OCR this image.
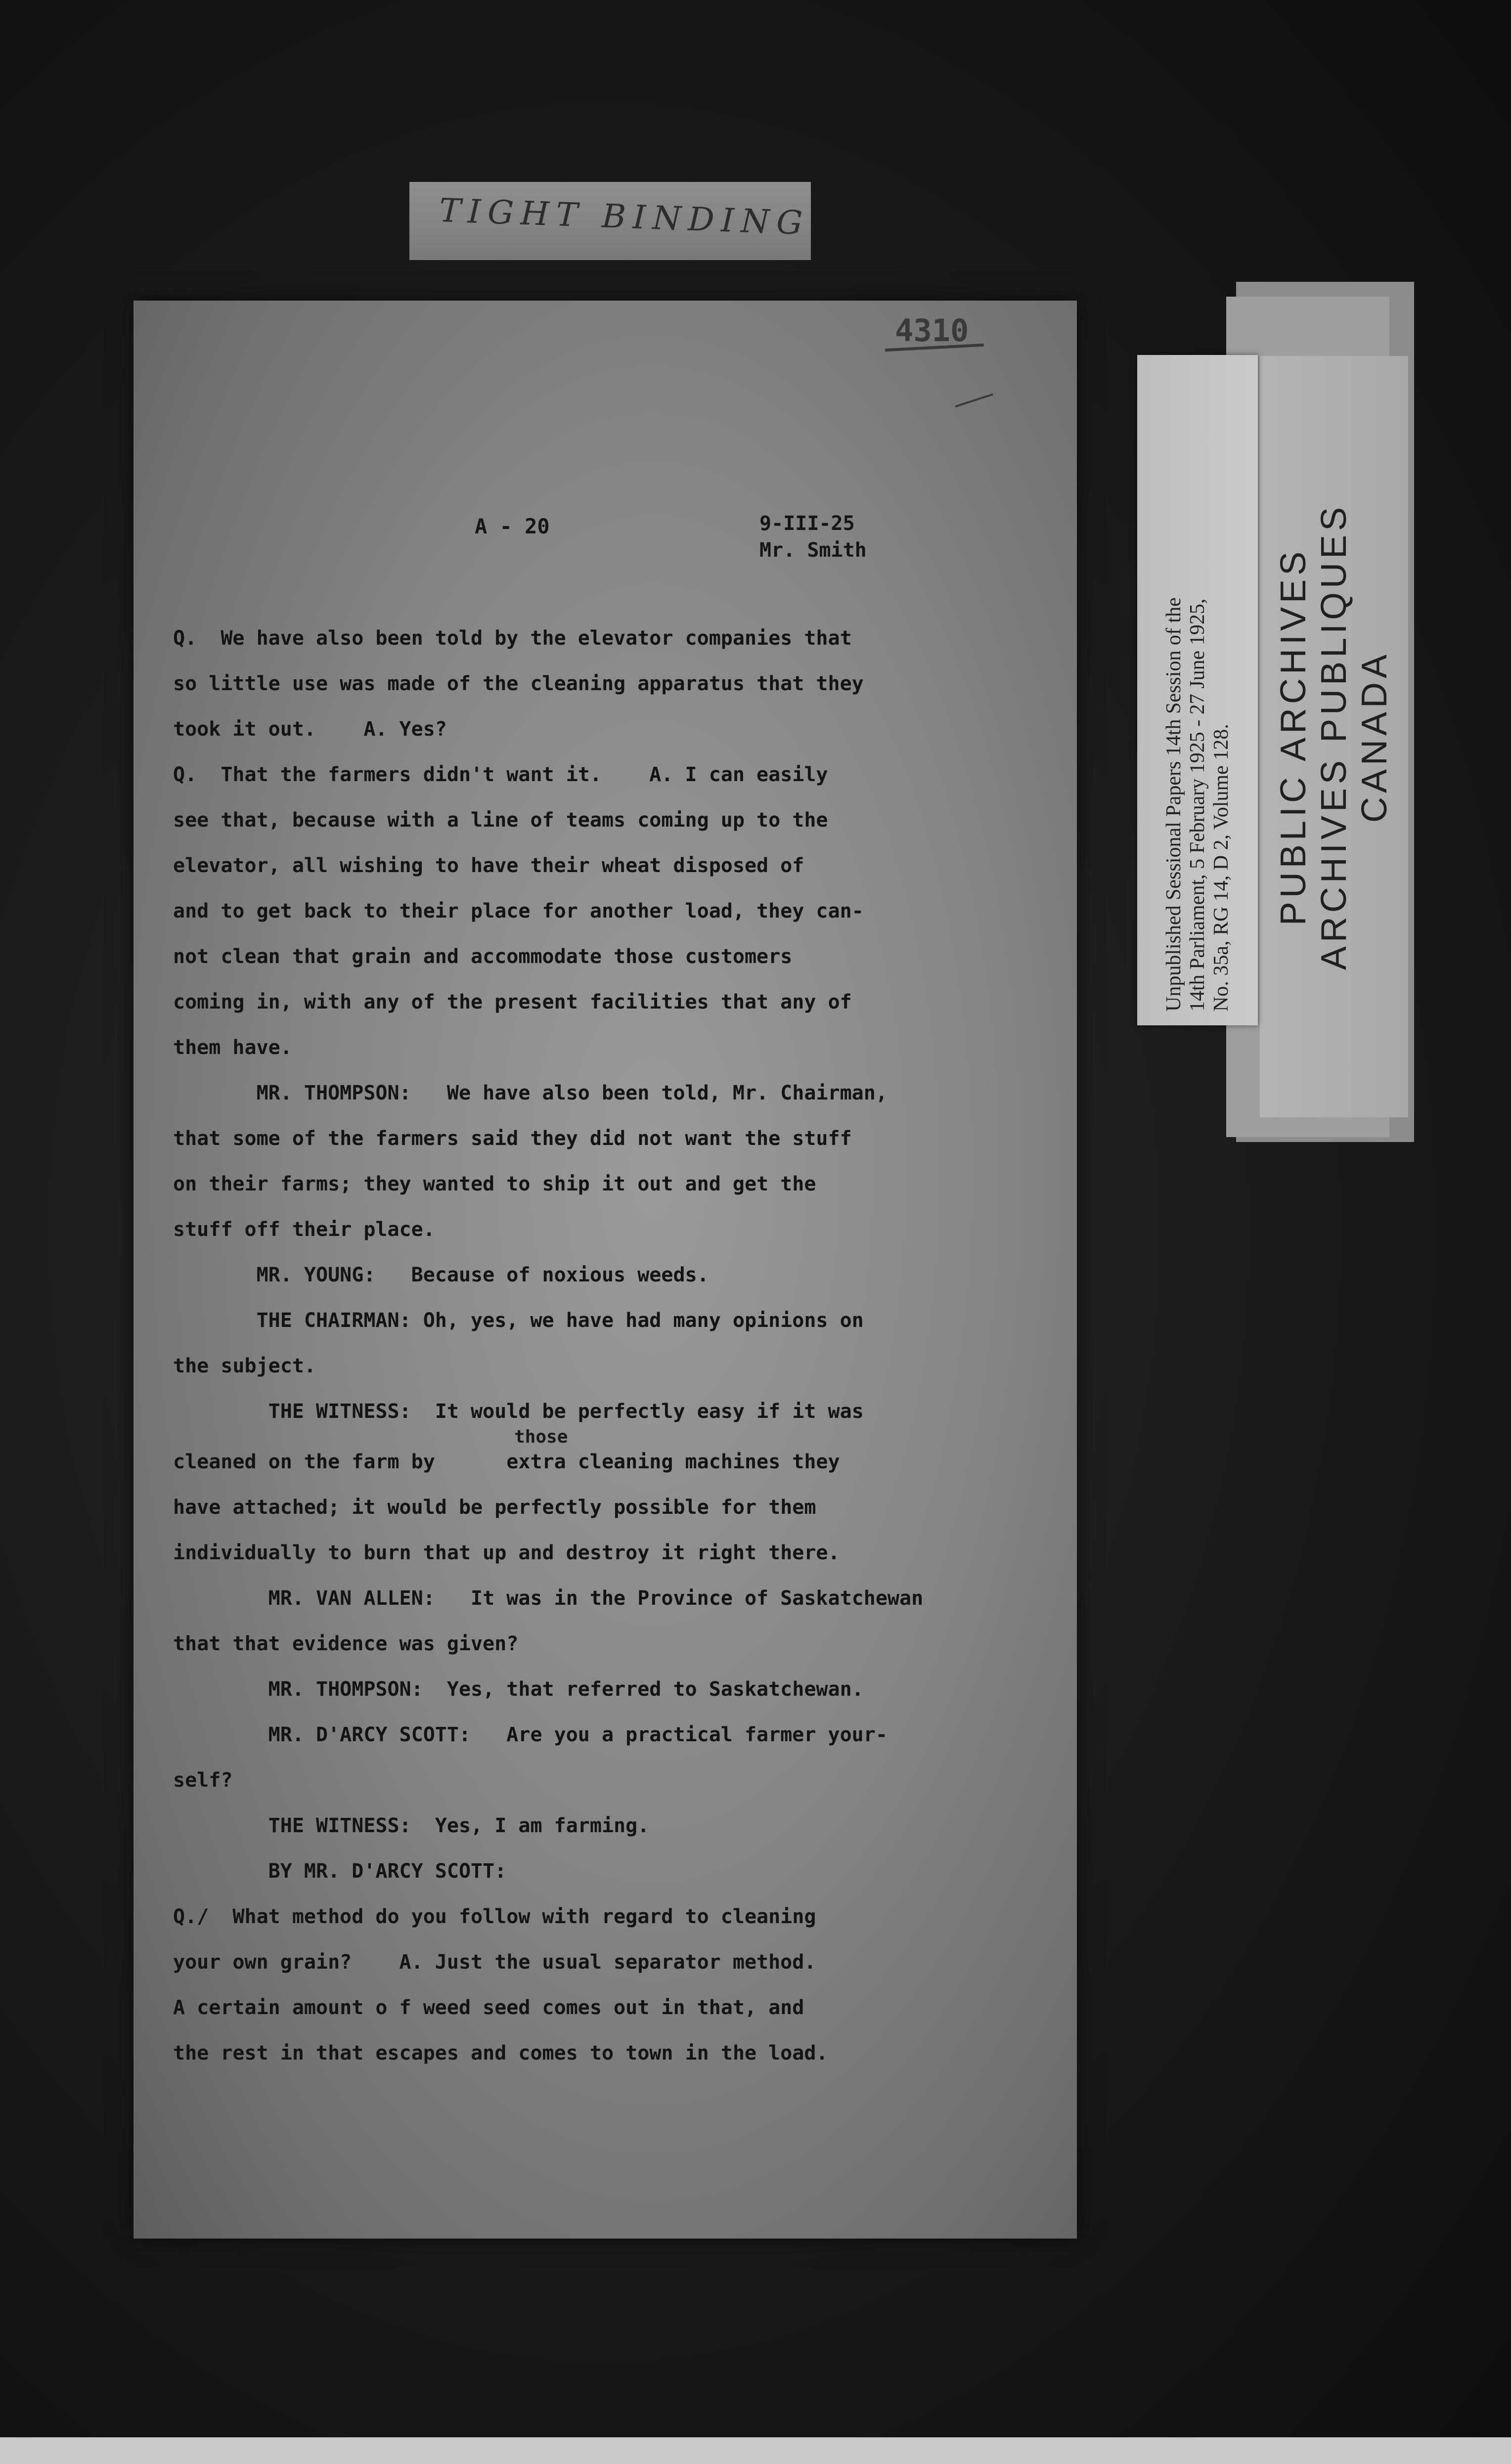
TIGHT BINDING
4310
A - 20	9-III-25
Mr. Smith
Q.  We have also been told by the elevator companies that
so little use was made of the cleaning apparatus that they
took it out.    A. Yes?
Q.  That the farmers didn't want it.    A. I can easily
see that, because with a line of teams coming up to the
elevator, all wishing to have their wheat disposed of
and to get back to their place for another load, they can-
not clean that grain and accommodate those customers
coming in, with any of the present facilities that any of
them have.
MR. THOMPSON:   We have also been told, Mr. Chairman,
that some of the farmers said they did not want the stuff
on their farms; they wanted to ship it out and get the
stuff off their place.
MR. YOUNG:   Because of noxious weeds.
THE CHAIRMAN: Oh, yes, we have had many opinions on
the subject.
THE WITNESS:  It would be perfectly easy if it was
those
cleaned on the farm by      extra cleaning machines they
have attached; it would be perfectly possible for them
individually to burn that up and destroy it right there.
MR. VAN ALLEN:   It was in the Province of Saskatchewan
that that evidence was given?
MR. THOMPSON:  Yes, that referred to Saskatchewan.
MR. D'ARCY SCOTT:   Are you a practical farmer your-
self?
THE WITNESS:  Yes, I am farming.
BY MR. D'ARCY SCOTT:
Q./  What method do you follow with regard to cleaning
your own grain?    A. Just the usual separator method.
A certain amount o f weed seed comes out in that, and
the rest in that escapes and comes to town in the load.
PUBLIC ARCHIVES ARCHIVES PUBLIQUES CANADA
Unpublished Sessional Papers 14th Session of the 14th Parliament, 5 February 1925 - 27 June 1925, No. 35a, RG 14, D 2, Volume 128.
